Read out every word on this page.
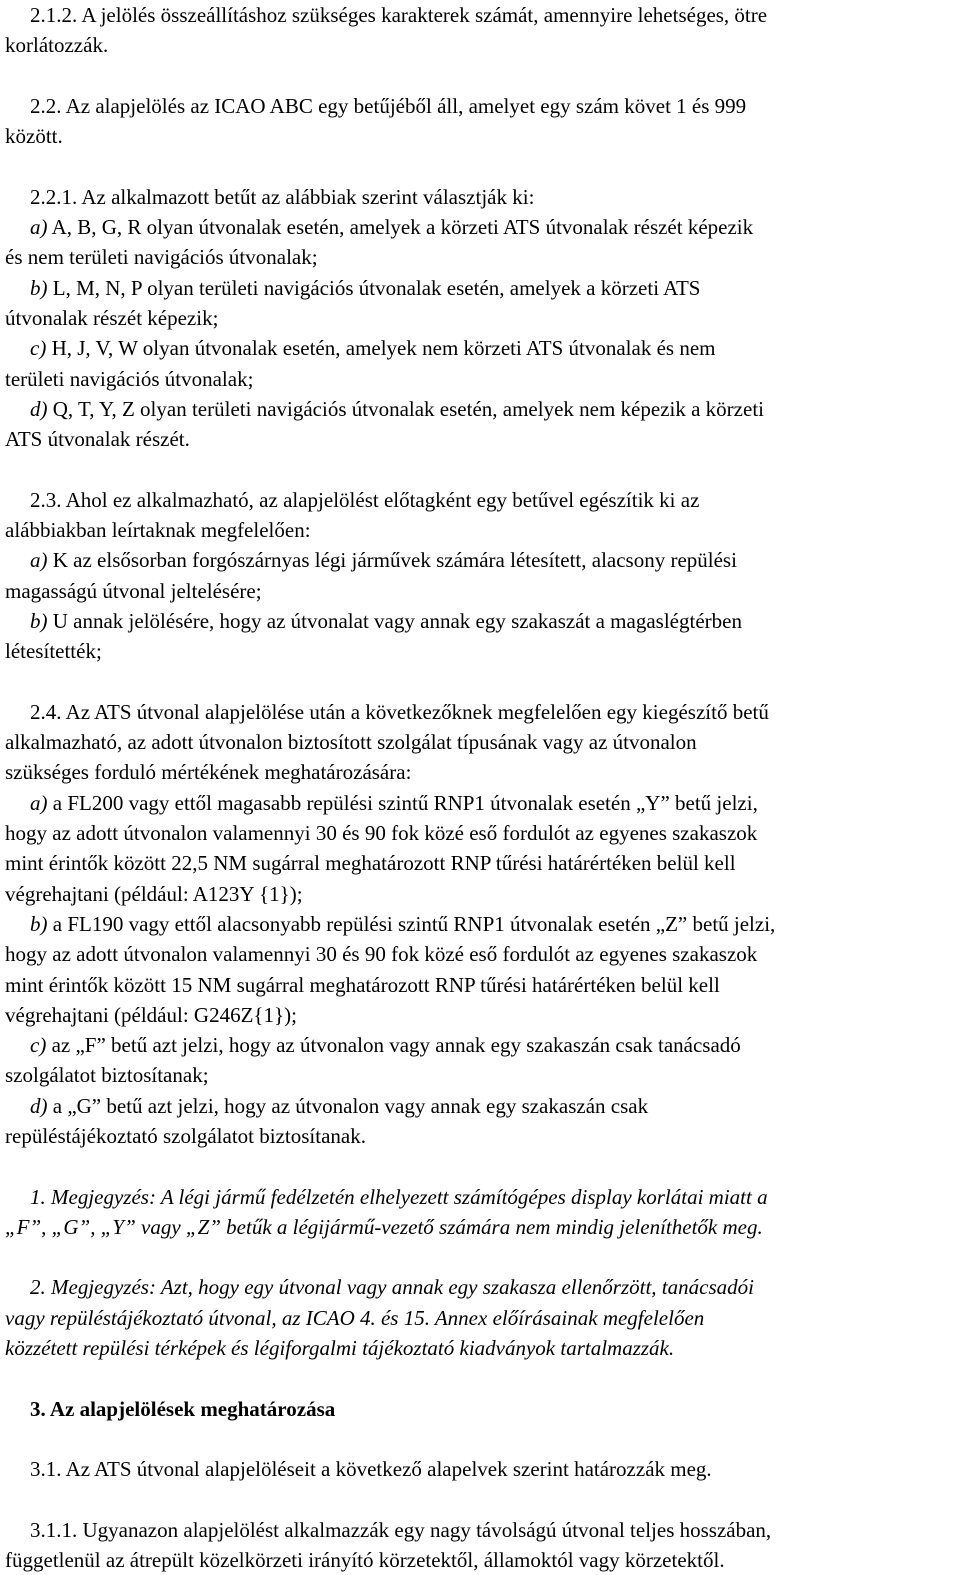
2.1.2. A jelölés összeállításhoz szükséges karakterek számát, amennyire lehetséges, ötre
korlátozzák.
2.2. Az alapjelölés az ICAO ABC egy betűjéből áll, amelyet egy szám követ 1 és 999
között.
2.2.1. Az alkalmazott betűt az alábbiak szerint választják ki:
a) A, B, G, R olyan útvonalak esetén, amelyek a körzeti ATS útvonalak részét képezik
és nem területi navigációs útvonalak;
b) L, M, N, P olyan területi navigációs útvonalak esetén, amelyek a körzeti ATS
útvonalak részét képezik;
c) H, J, V, W olyan útvonalak esetén, amelyek nem körzeti ATS útvonalak és nem
területi navigációs útvonalak;
d) Q, T, Y, Z olyan területi navigációs útvonalak esetén, amelyek nem képezik a körzeti
ATS útvonalak részét.
2.3. Ahol ez alkalmazható, az alapjelölést előtagként egy betűvel egészítik ki az
alábbiakban leírtaknak megfelelően:
a) K az elsősorban forgószárnyas légi járművek számára létesített, alacsony repülési
magasságú útvonal jeltelésére;
b) U annak jelölésére, hogy az útvonalat vagy annak egy szakaszát a magaslégtérben
létesítették;
2.4. Az ATS útvonal alapjelölése után a következőknek megfelelően egy kiegészítő betű
alkalmazható, az adott útvonalon biztosított szolgálat típusának vagy az útvonalon
szükséges forduló mértékének meghatározására:
a) a FL200 vagy ettől magasabb repülési szintű RNP1 útvonalak esetén „Y” betű jelzi,
hogy az adott útvonalon valamennyi 30 és 90 fok közé eső fordulót az egyenes szakaszok
mint érintők között 22,5 NM sugárral meghatározott RNP tűrési határértéken belül kell
végrehajtani (például: A123Y {1});
b) a FL190 vagy ettől alacsonyabb repülési szintű RNP1 útvonalak esetén „Z” betű jelzi,
hogy az adott útvonalon valamennyi 30 és 90 fok közé eső fordulót az egyenes szakaszok
mint érintők között 15 NM sugárral meghatározott RNP tűrési határértéken belül kell
végrehajtani (például: G246Z{1});
c) az „F” betű azt jelzi, hogy az útvonalon vagy annak egy szakaszán csak tanácsadó
szolgálatot biztosítanak;
d) a „G” betű azt jelzi, hogy az útvonalon vagy annak egy szakaszán csak
repüléstájékoztató szolgálatot biztosítanak.
1. Megjegyzés: A légi jármű fedélzetén elhelyezett számítógépes display korlátai miatt a
„F”, „G”, „Y” vagy „Z” betűk a légijármű-vezető számára nem mindig jeleníthetők meg.
2. Megjegyzés: Azt, hogy egy útvonal vagy annak egy szakasza ellenőrzött, tanácsadói
vagy repüléstájékoztató útvonal, az ICAO 4. és 15. Annex előírásainak megfelelően
közzétett repülési térképek és légiforgalmi tájékoztató kiadványok tartalmazzák.
3. Az alapjelölések meghatározása
3.1. Az ATS útvonal alapjelöléseit a következő alapelvek szerint határozzák meg.
3.1.1. Ugyanazon alapjelölést alkalmazzák egy nagy távolságú útvonal teljes hosszában,
függetlenül az átrepült közelkörzeti irányító körzetektől, államoktól vagy körzetektől.
